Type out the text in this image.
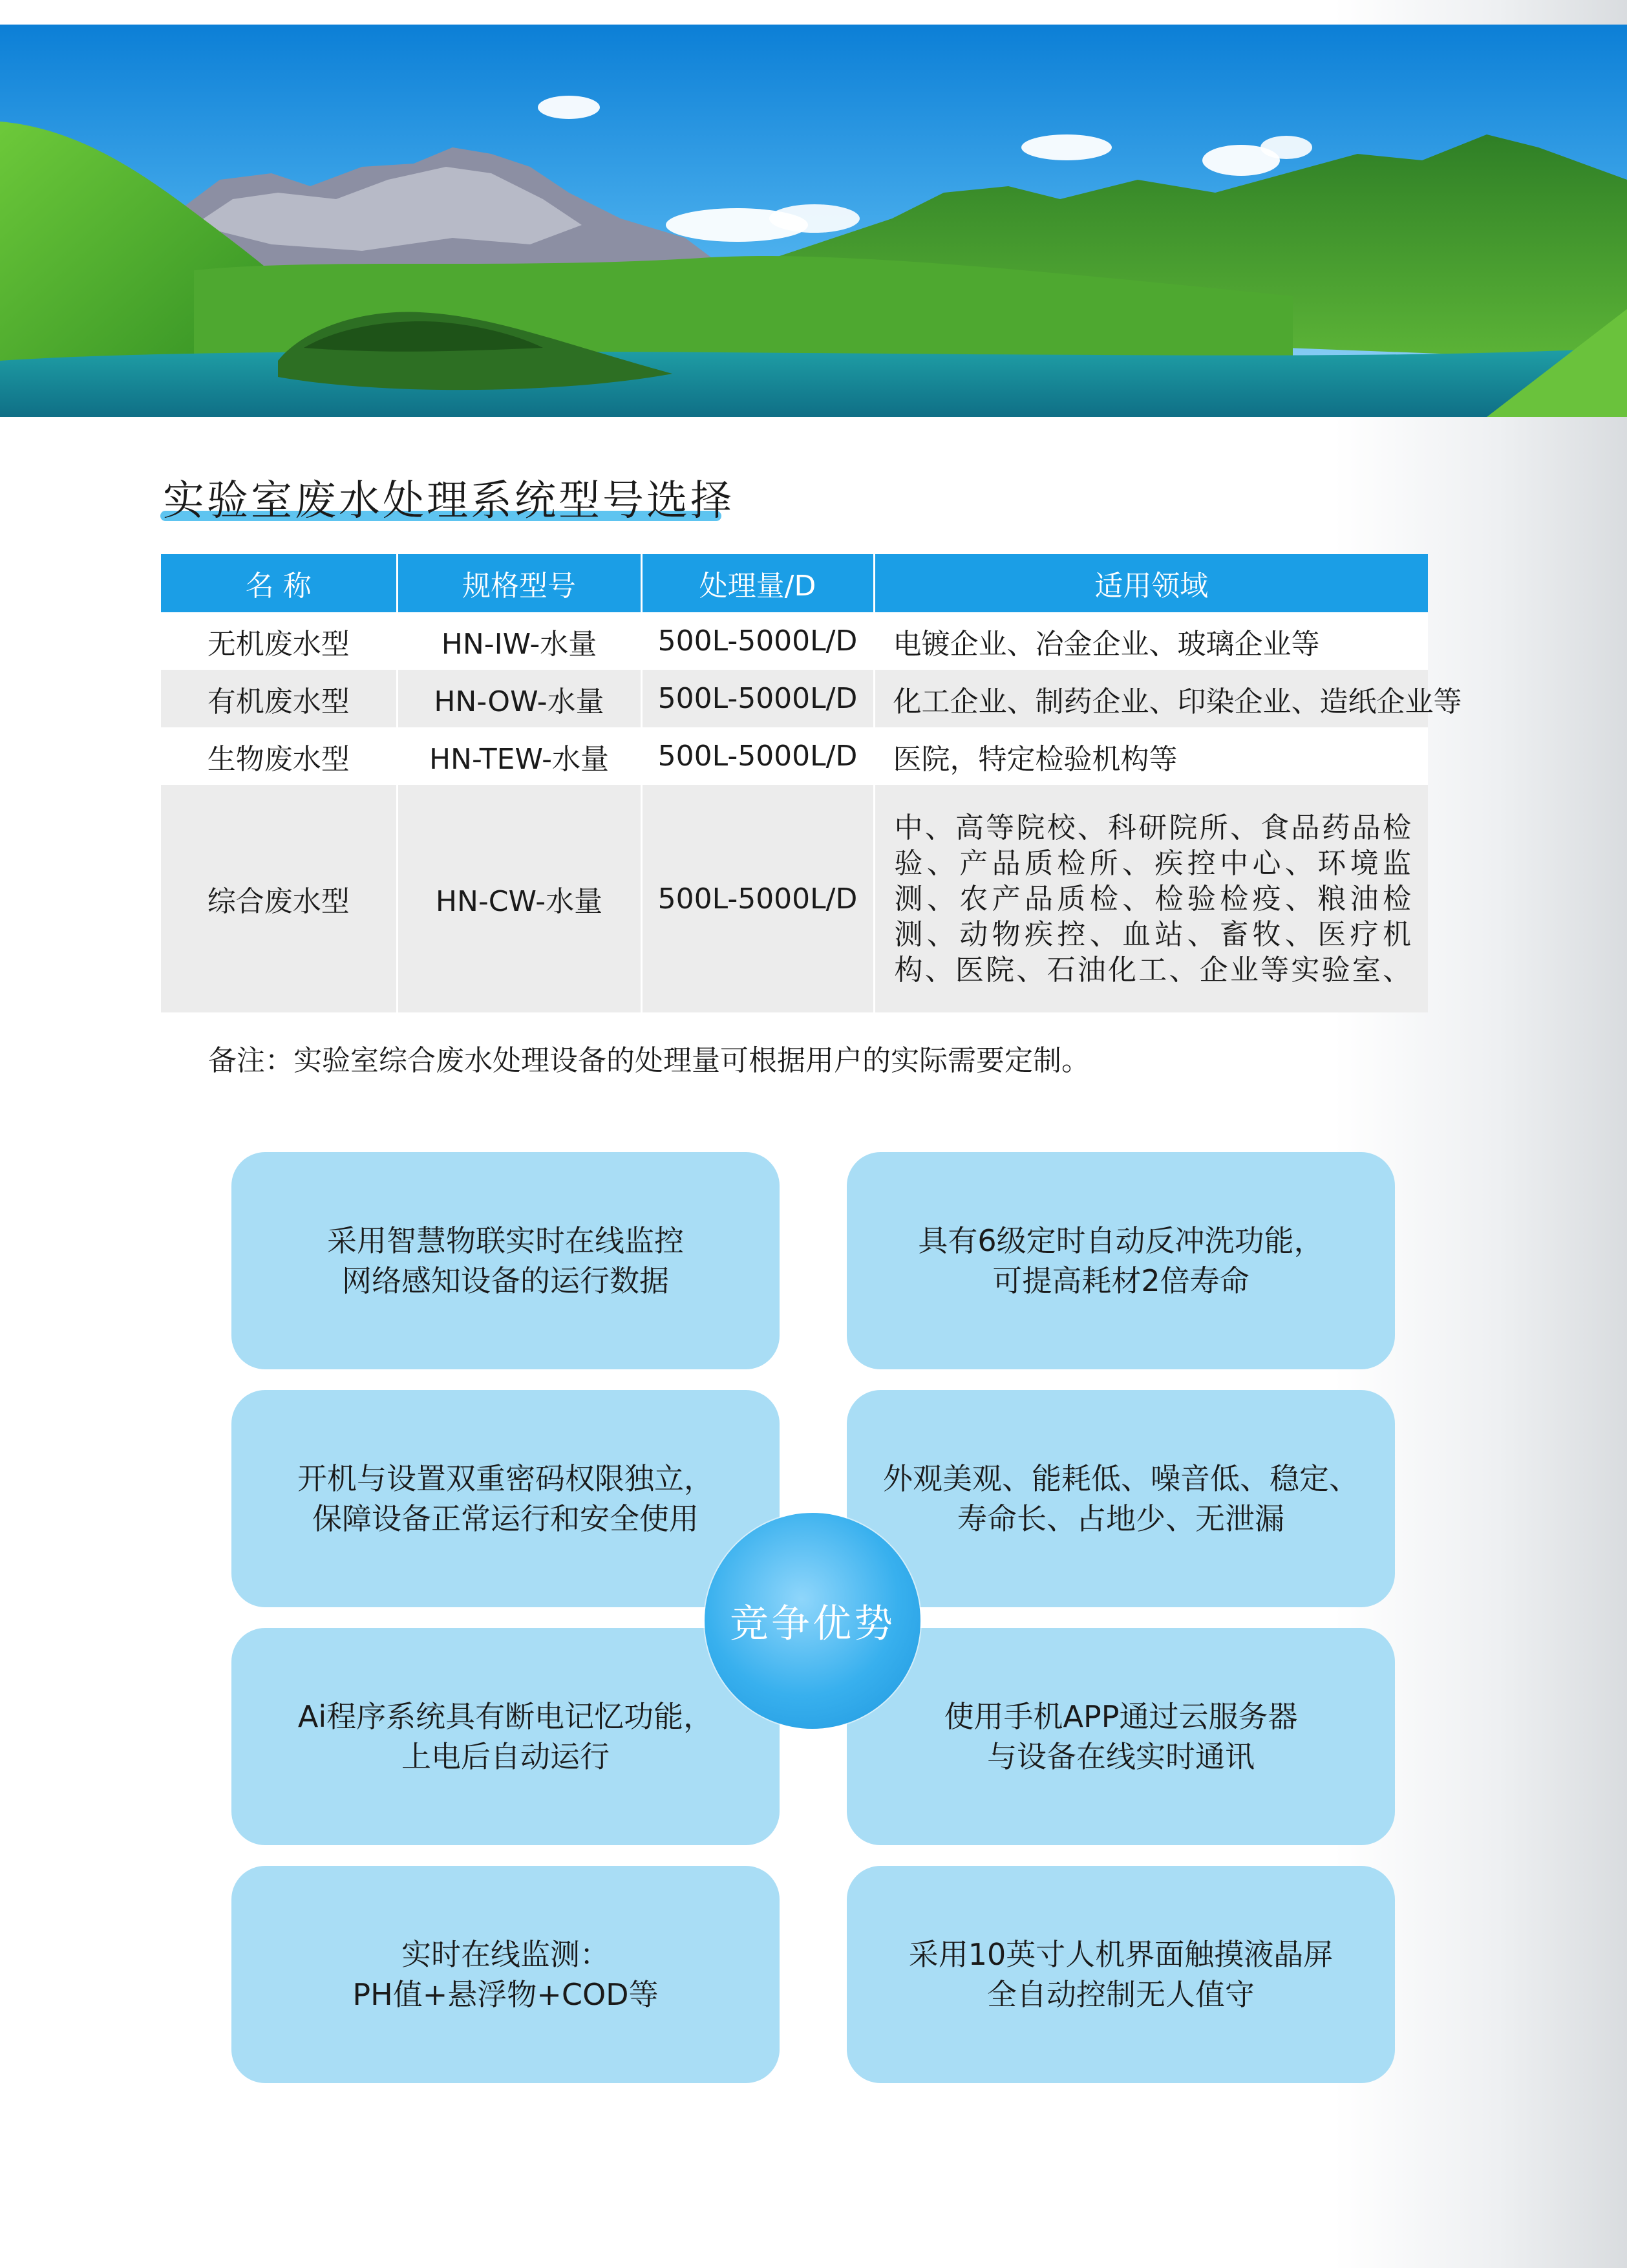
实验室废水处理系统型号选择
名 称	规格型号	处理量/D	适用领域
无机废水型	HN-IW-水量	500L-5000L/D	电镀企业、冶金企业、玻璃企业等
有机废水型	HN-OW-水量	500L-5000L/D	化工企业、制药企业、印染企业、造纸企业等
生物废水型	HN-TEW-水量	500L-5000L/D	医院，特定检验机构等
综合废水型	HN-CW-水量	500L-5000L/D	中、高等院校、科研院所、食品药品检
验、产品质检所、疾控中心、环境监
测、农产品质检、检验检疫、粮油检
测、动物疾控、血站、畜牧、医疗机
构、医院、石油化工、企业等实验室、
备注：实验室综合废水处理设备的处理量可根据用户的实际需要定制。
采用智慧物联实时在线监控
网络感知设备的运行数据
具有6级定时自动反冲洗功能，
可提高耗材2倍寿命
开机与设置双重密码权限独立，
保障设备正常运行和安全使用
外观美观、能耗低、噪音低、稳定、
寿命长、占地少、无泄漏
Ai程序系统具有断电记忆功能，
上电后自动运行
使用手机APP通过云服务器
与设备在线实时通讯
实时在线监测：
PH值+悬浮物+COD等
采用10英寸人机界面触摸液晶屏
全自动控制无人值守
竞争优势
